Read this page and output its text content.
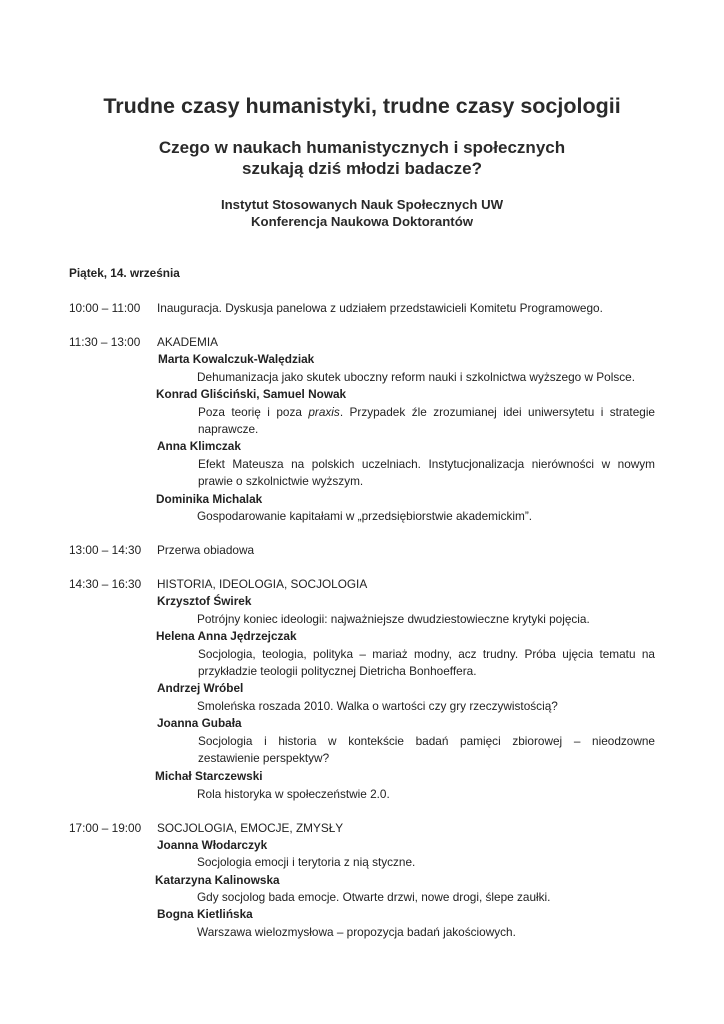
Trudne czasy humanistyki, trudne czasy socjologii
Czego w naukach humanistycznych i społecznych
szukają dziś młodzi badacze?
Instytut Stosowanych Nauk Społecznych UW
Konferencja Naukowa Doktorantów
Piątek, 14. września
10:00 – 11:00 Inauguracja. Dyskusja panelowa z udziałem przedstawicieli Komitetu Programowego.
11:30 – 13:00 AKADEMIA
Marta Kowalczuk-Walędziak
Dehumanizacja jako skutek uboczny reform nauki i szkolnictwa wyższego w Polsce.
Konrad Gliściński, Samuel Nowak
Poza teorię i poza praxis. Przypadek źle zrozumianej idei uniwersytetu i strategie
naprawcze.
Anna Klimczak
Efekt Mateusza na polskich uczelniach. Instytucjonalizacja nierówności w nowym
prawie o szkolnictwie wyższym.
Dominika Michalak
Gospodarowanie kapitałami w „przedsiębiorstwie akademickim”.
13:00 – 14:30 Przerwa obiadowa
14:30 – 16:30 HISTORIA, IDEOLOGIA, SOCJOLOGIA
Krzysztof Świrek
Potrójny koniec ideologii: najważniejsze dwudziestowieczne krytyki pojęcia.
Helena Anna Jędrzejczak
Socjologia, teologia, polityka – mariaż modny, acz trudny. Próba ujęcia tematu na
przykładzie teologii politycznej Dietricha Bonhoeffera.
Andrzej Wróbel
Smoleńska roszada 2010. Walka o wartości czy gry rzeczywistością?
Joanna Gubała
Socjologia i historia w kontekście badań pamięci zbiorowej – nieodzowne
zestawienie perspektyw?
Michał Starczewski
Rola historyka w społeczeństwie 2.0.
17:00 – 19:00 SOCJOLOGIA, EMOCJE, ZMYSŁY
Joanna Włodarczyk
Socjologia emocji i terytoria z nią styczne.
Katarzyna Kalinowska
Gdy socjolog bada emocje. Otwarte drzwi, nowe drogi, ślepe zaułki.
Bogna Kietlińska
Warszawa wielozmysłowa – propozycja badań jakościowych.
